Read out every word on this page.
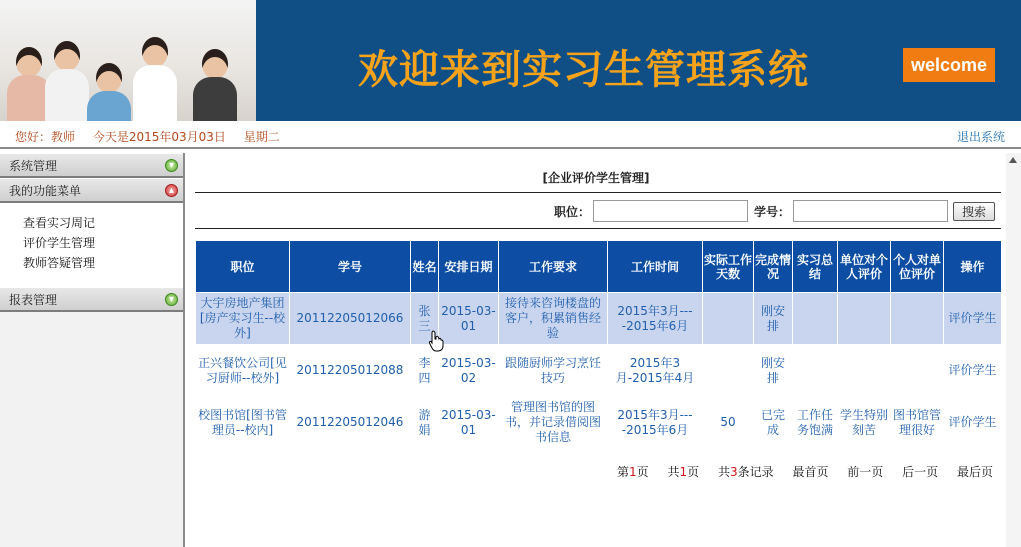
欢迎来到实习生管理系统	welcome
您好：教师 今天是2015年03月03日 星期二	退出系统
系统管理	▾
我的功能菜单	▴
查看实习周记
评价学生管理
教师答疑管理
报表管理	▾
[企业评价学生管理]
职位：	学号：	搜索
职位	学号	姓名	安排日期	工作要求	工作时间	实际工作天数	完成情况	实习总结	单位对个人评价	个人对单位评价	操作
大宇房地产集团[房产实习生--校外]	20112205012066	张三	2015-03-01	接待来咨询楼盘的客户，积累销售经验	2015年3月----2015年6月		刚安排				评价学生
正兴餐饮公司[见习厨师--校外]	20112205012088	李四	2015-03-02	跟随厨师学习烹饪技巧	2015年3月-2015年4月		刚安排				评价学生
校图书馆[图书管理员--校内]	20112205012046	游娟	2015-03-01	管理图书馆的图书，并记录借阅图书信息	2015年3月----2015年6月	50	已完成	工作任务饱满	学生特别刻苦	图书馆管理很好	评价学生
第1页 共1页 共3条记录 最首页 前一页 后一页 最后页
